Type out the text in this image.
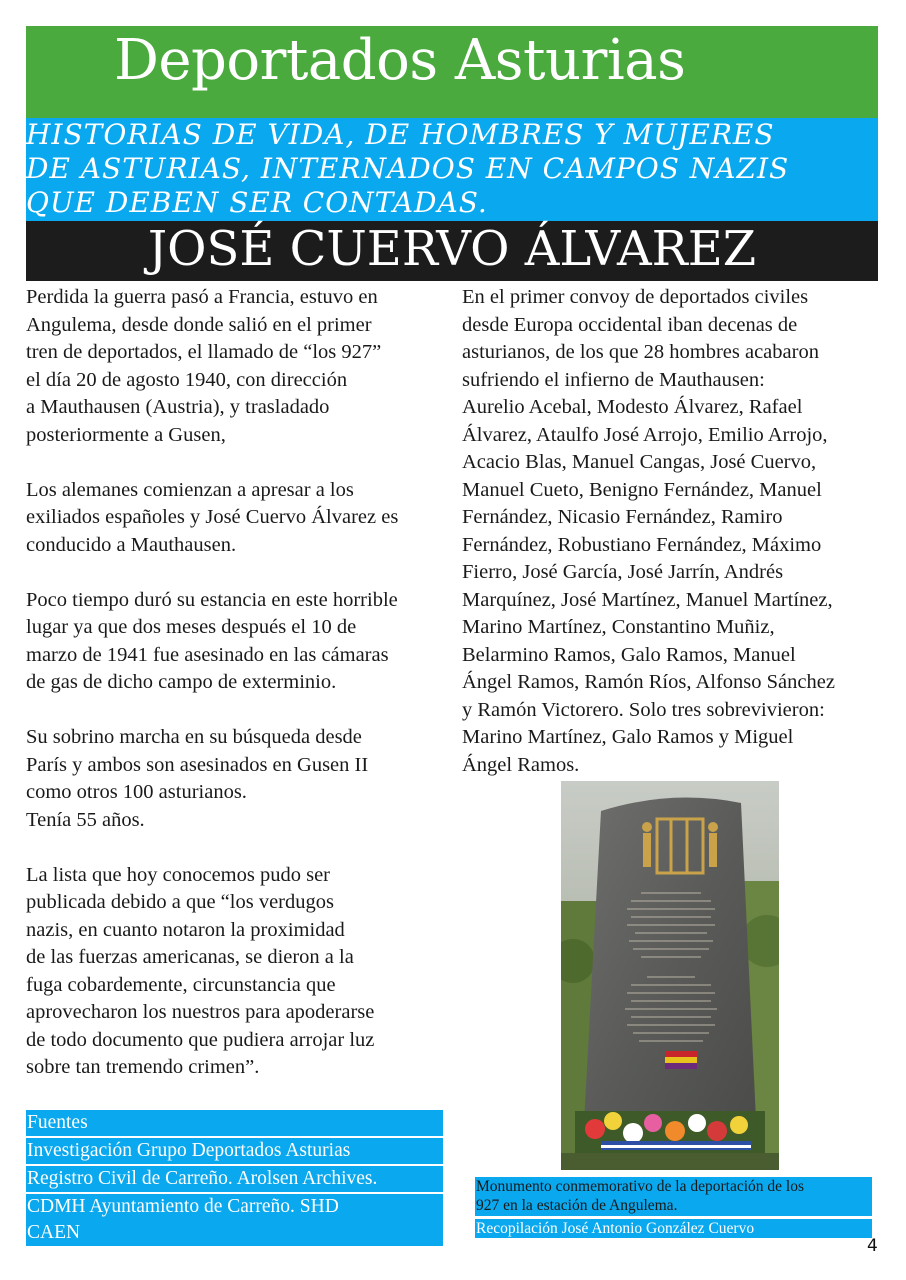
Deportados Asturias
HISTORIAS DE VIDA, DE HOMBRES Y MUJERES
DE ASTURIAS, INTERNADOS EN CAMPOS NAZIS
QUE DEBEN SER CONTADAS.
JOSÉ CUERVO ÁLVAREZ

Perdida la guerra pasó a Francia, estuvo en
Angulema, desde donde salió en el primer
tren de deportados, el llamado de “los 927”
el día 20 de agosto 1940, con dirección
a Mauthausen (Austria), y trasladado
posteriormente a Gusen,

Los alemanes comienzan a apresar a los
exiliados españoles y José Cuervo Álvarez es
conducido a Mauthausen.

Poco tiempo duró su estancia en este horrible
lugar ya que dos meses después el 10 de
marzo de 1941 fue asesinado en las cámaras
de gas de dicho campo de exterminio.

Su sobrino marcha en su búsqueda desde
París y ambos son asesinados en Gusen II
como otros 100 asturianos.
Tenía 55 años.

La lista que hoy conocemos pudo ser
publicada debido a que “los verdugos
nazis, en cuanto notaron la proximidad
de las fuerzas americanas, se dieron a la
fuga cobardemente, circunstancia que
aprovecharon los nuestros para apoderarse
de todo documento que pudiera arrojar luz
sobre tan tremendo crimen”.

En el primer convoy de deportados civiles
desde Europa occidental iban decenas de
asturianos, de los que 28 hombres acabaron
sufriendo el infierno de Mauthausen:
Aurelio Acebal, Modesto Álvarez, Rafael
Álvarez, Ataulfo José Arrojo, Emilio Arrojo,
Acacio Blas, Manuel Cangas, José Cuervo,
Manuel Cueto, Benigno Fernández, Manuel
Fernández, Nicasio Fernández, Ramiro
Fernández, Robustiano Fernández, Máximo
Fierro, José García, José Jarrín, Andrés
Marquínez, José Martínez, Manuel Martínez,
Marino Martínez, Constantino Muñiz,
Belarmino Ramos, Galo Ramos, Manuel
Ángel Ramos, Ramón Ríos, Alfonso Sánchez
y Ramón Victorero. Solo tres sobrevivieron:
Marino Martínez, Galo Ramos y Miguel
Ángel Ramos.

Fuentes
Investigación Grupo Deportados Asturias
Registro Civil de Carreño. Arolsen Archives.
CDMH Ayuntamiento de Carreño. SHD
CAEN
Monumento conmemorativo de la deportación de los
927 en la estación de Angulema.
Recopilación José Antonio González Cuervo
4
